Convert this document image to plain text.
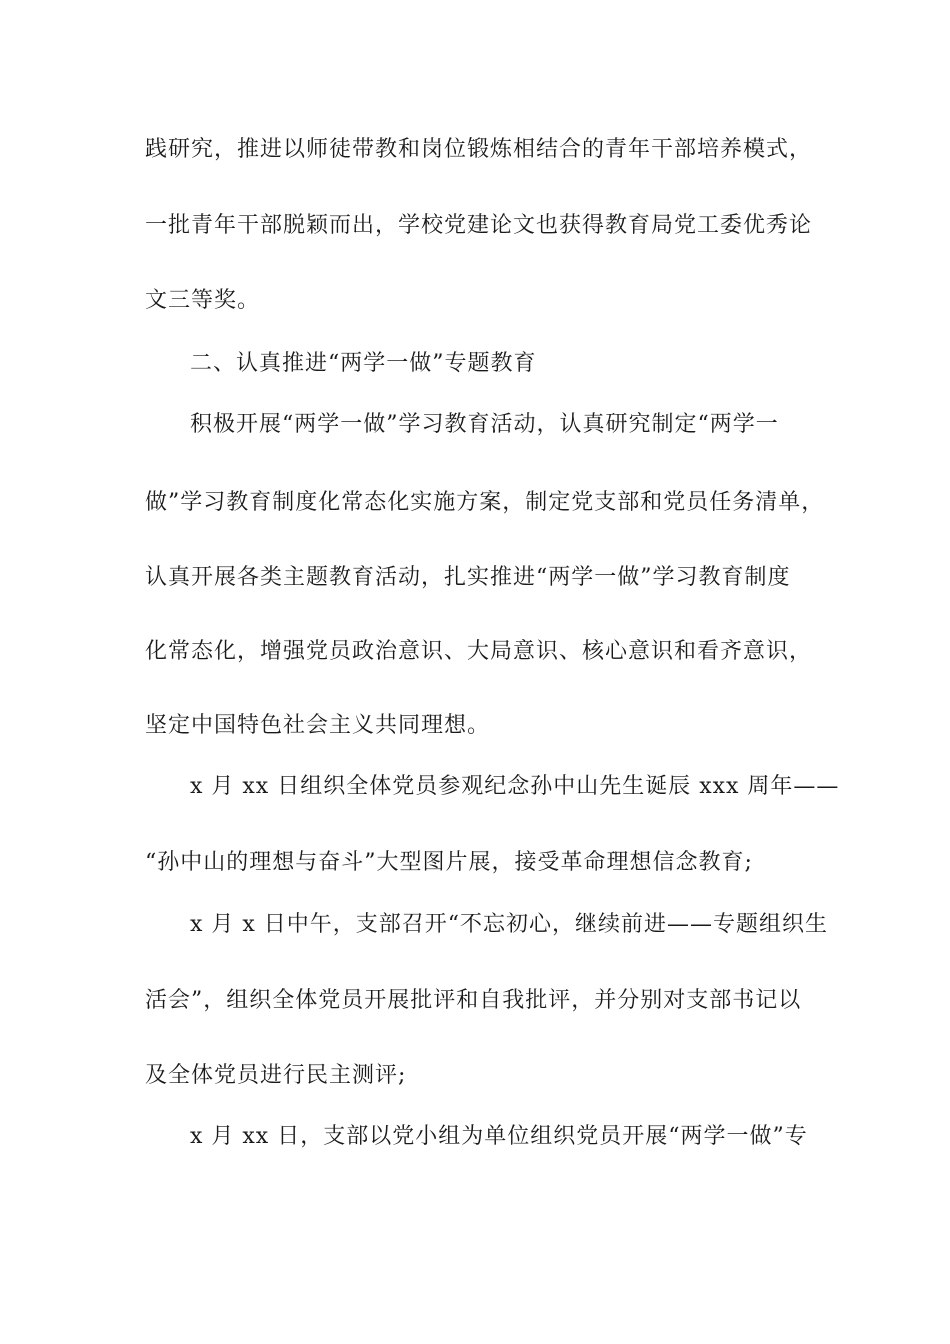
践研究，推进以师徒带教和岗位锻炼相结合的青年干部培养模式，
一批青年干部脱颖而出，学校党建论文也获得教育局党工委优秀论
文三等奖。
二、认真推进“两学一做”专题教育
积极开展“两学一做”学习教育活动，认真研究制定“两学一
做”学习教育制度化常态化实施方案，制定党支部和党员任务清单，
认真开展各类主题教育活动，扎实推进“两学一做”学习教育制度
化常态化，增强党员政治意识、大局意识、核心意识和看齐意识，
坚定中国特色社会主义共同理想。
x 月 xx 日组织全体党员参观纪念孙中山先生诞辰 xxx 周年——
“孙中山的理想与奋斗”大型图片展，接受革命理想信念教育;
x 月 x 日中午，支部召开“不忘初心，继续前进——专题组织生
活会”，组织全体党员开展批评和自我批评，并分别对支部书记以
及全体党员进行民主测评;
x 月 xx 日，支部以党小组为单位组织党员开展“两学一做”专
